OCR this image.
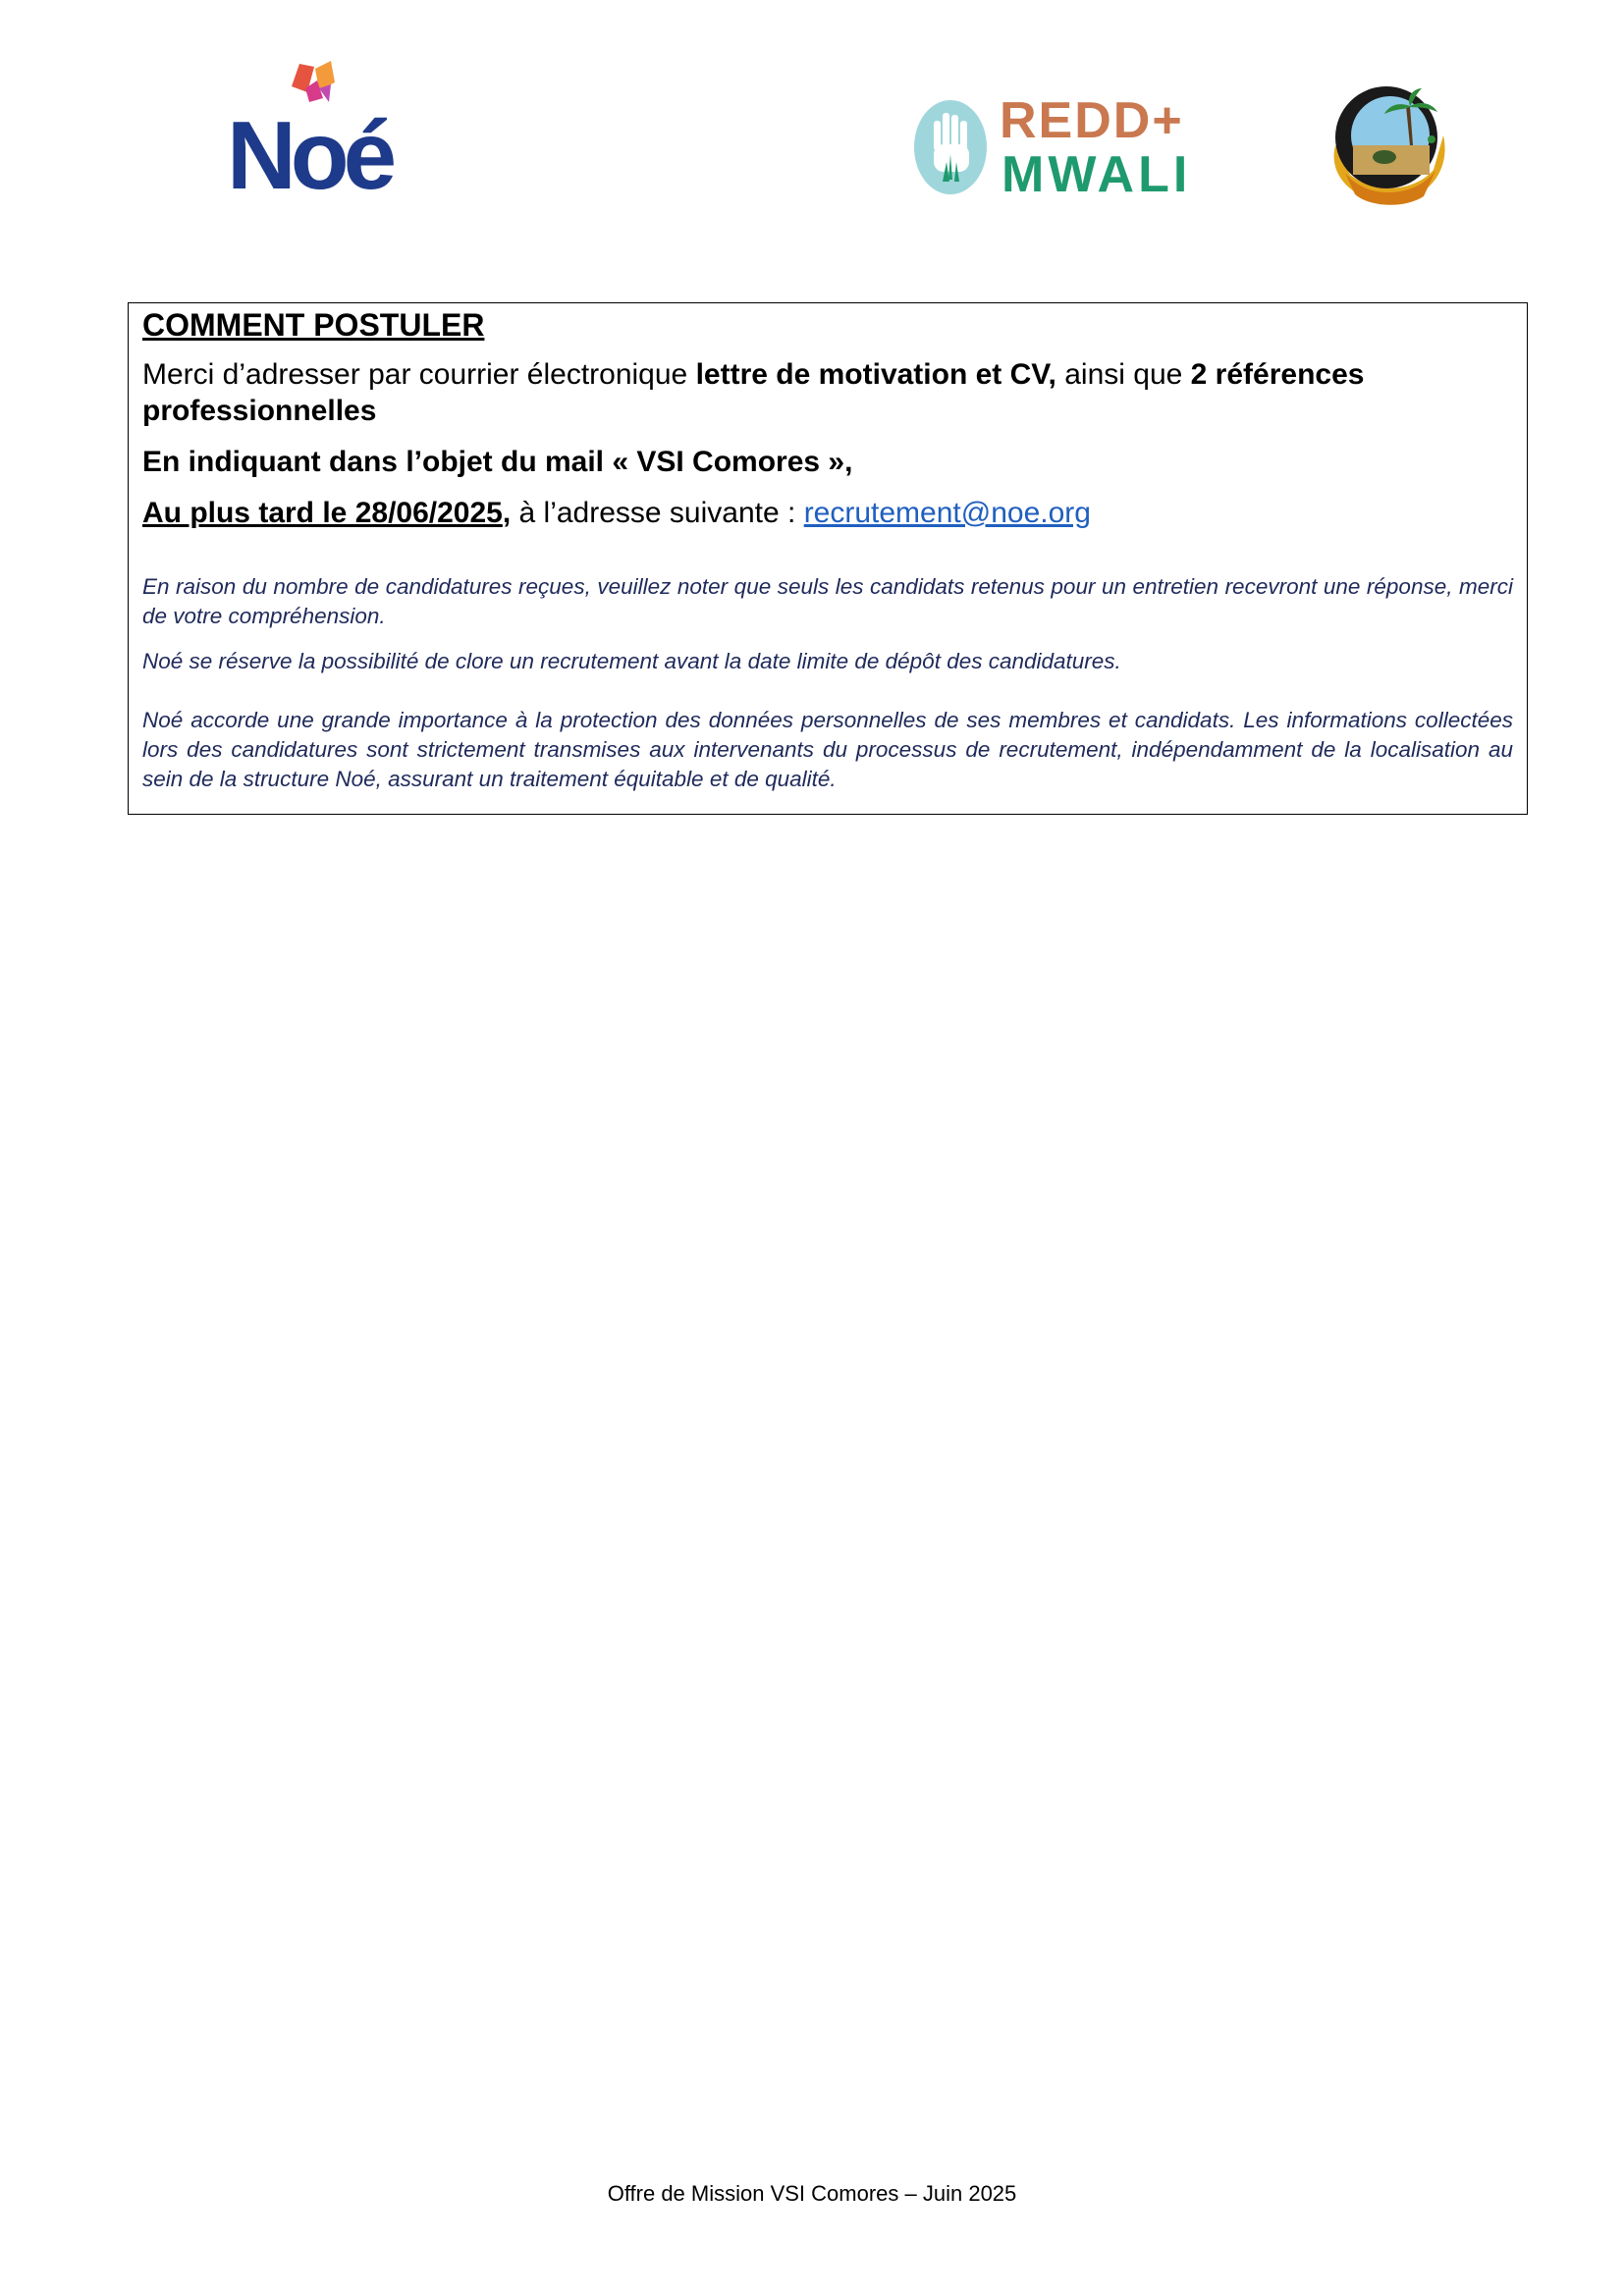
Noé	REDD+
MWALI
COMMENT POSTULER

Merci d’adresser par courrier électronique lettre de motivation et CV, ainsi que 2 références professionnelles

En indiquant dans l’objet du mail « VSI Comores »,

Au plus tard le 28/06/2025, à l’adresse suivante : recrutement@noe.org

En raison du nombre de candidatures reçues, veuillez noter que seuls les candidats retenus pour un entretien recevront une réponse, merci de votre compréhension.

Noé se réserve la possibilité de clore un recrutement avant la date limite de dépôt des candidatures.

Noé accorde une grande importance à la protection des données personnelles de ses membres et candidats. Les informations collectées lors des candidatures sont strictement transmises aux intervenants du processus de recrutement, indépendamment de la localisation au sein de la structure Noé, assurant un traitement équitable et de qualité.

Offre de Mission VSI Comores – Juin 2025
